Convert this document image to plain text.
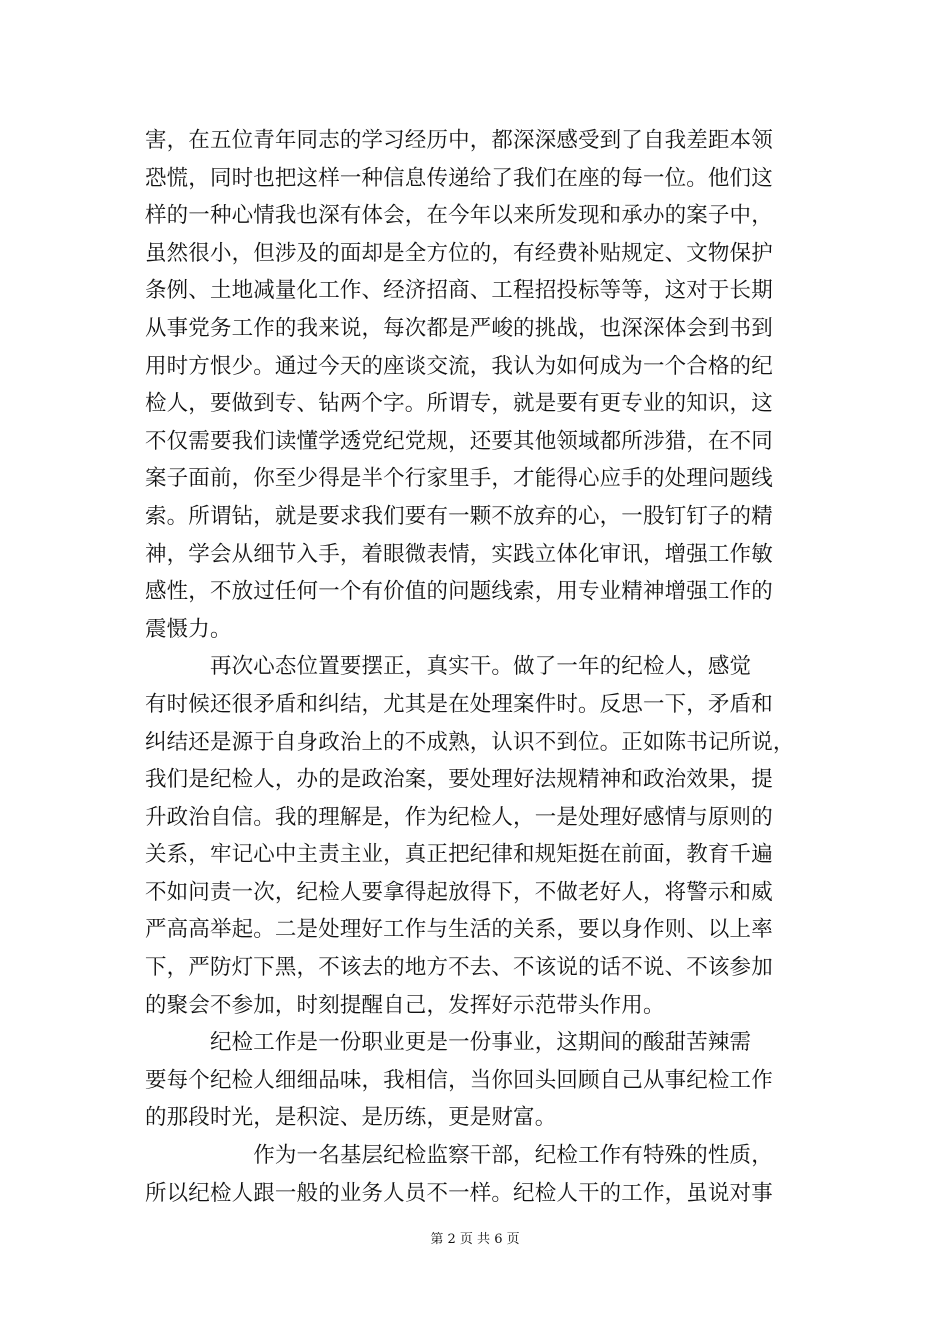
害，在五位青年同志的学习经历中，都深深感受到了自我差距本领
恐慌，同时也把这样一种信息传递给了我们在座的每一位。他们这
样的一种心情我也深有体会，在今年以来所发现和承办的案子中，
虽然很小，但涉及的面却是全方位的，有经费补贴规定、文物保护
条例、土地减量化工作、经济招商、工程招投标等等，这对于长期
从事党务工作的我来说，每次都是严峻的挑战，也深深体会到书到
用时方恨少。通过今天的座谈交流，我认为如何成为一个合格的纪
检人，要做到专、钻两个字。所谓专，就是要有更专业的知识，这
不仅需要我们读懂学透党纪党规，还要其他领域都所涉猎，在不同
案子面前，你至少得是半个行家里手，才能得心应手的处理问题线
索。所谓钻，就是要求我们要有一颗不放弃的心，一股钉钉子的精
神，学会从细节入手，着眼微表情，实践立体化审讯，增强工作敏
感性，不放过任何一个有价值的问题线索，用专业精神增强工作的
震慑力。
　　　再次心态位置要摆正，真实干。做了一年的纪检人，感觉
有时候还很矛盾和纠结，尤其是在处理案件时。反思一下，矛盾和
纠结还是源于自身政治上的不成熟，认识不到位。正如陈书记所说，
我们是纪检人，办的是政治案，要处理好法规精神和政治效果，提
升政治自信。我的理解是，作为纪检人，一是处理好感情与原则的
关系，牢记心中主责主业，真正把纪律和规矩挺在前面，教育千遍
不如问责一次，纪检人要拿得起放得下，不做老好人，将警示和威
严高高举起。二是处理好工作与生活的关系，要以身作则、以上率
下，严防灯下黑，不该去的地方不去、不该说的话不说、不该参加
的聚会不参加，时刻提醒自己，发挥好示范带头作用。
　　　纪检工作是一份职业更是一份事业，这期间的酸甜苦辣需
要每个纪检人细细品味，我相信，当你回头回顾自己从事纪检工作
的那段时光，是积淀、是历练，更是财富。
　　　　　作为一名基层纪检监察干部，纪检工作有特殊的性质，
所以纪检人跟一般的业务人员不一样。纪检人干的工作，虽说对事
第 2 页 共 6 页
